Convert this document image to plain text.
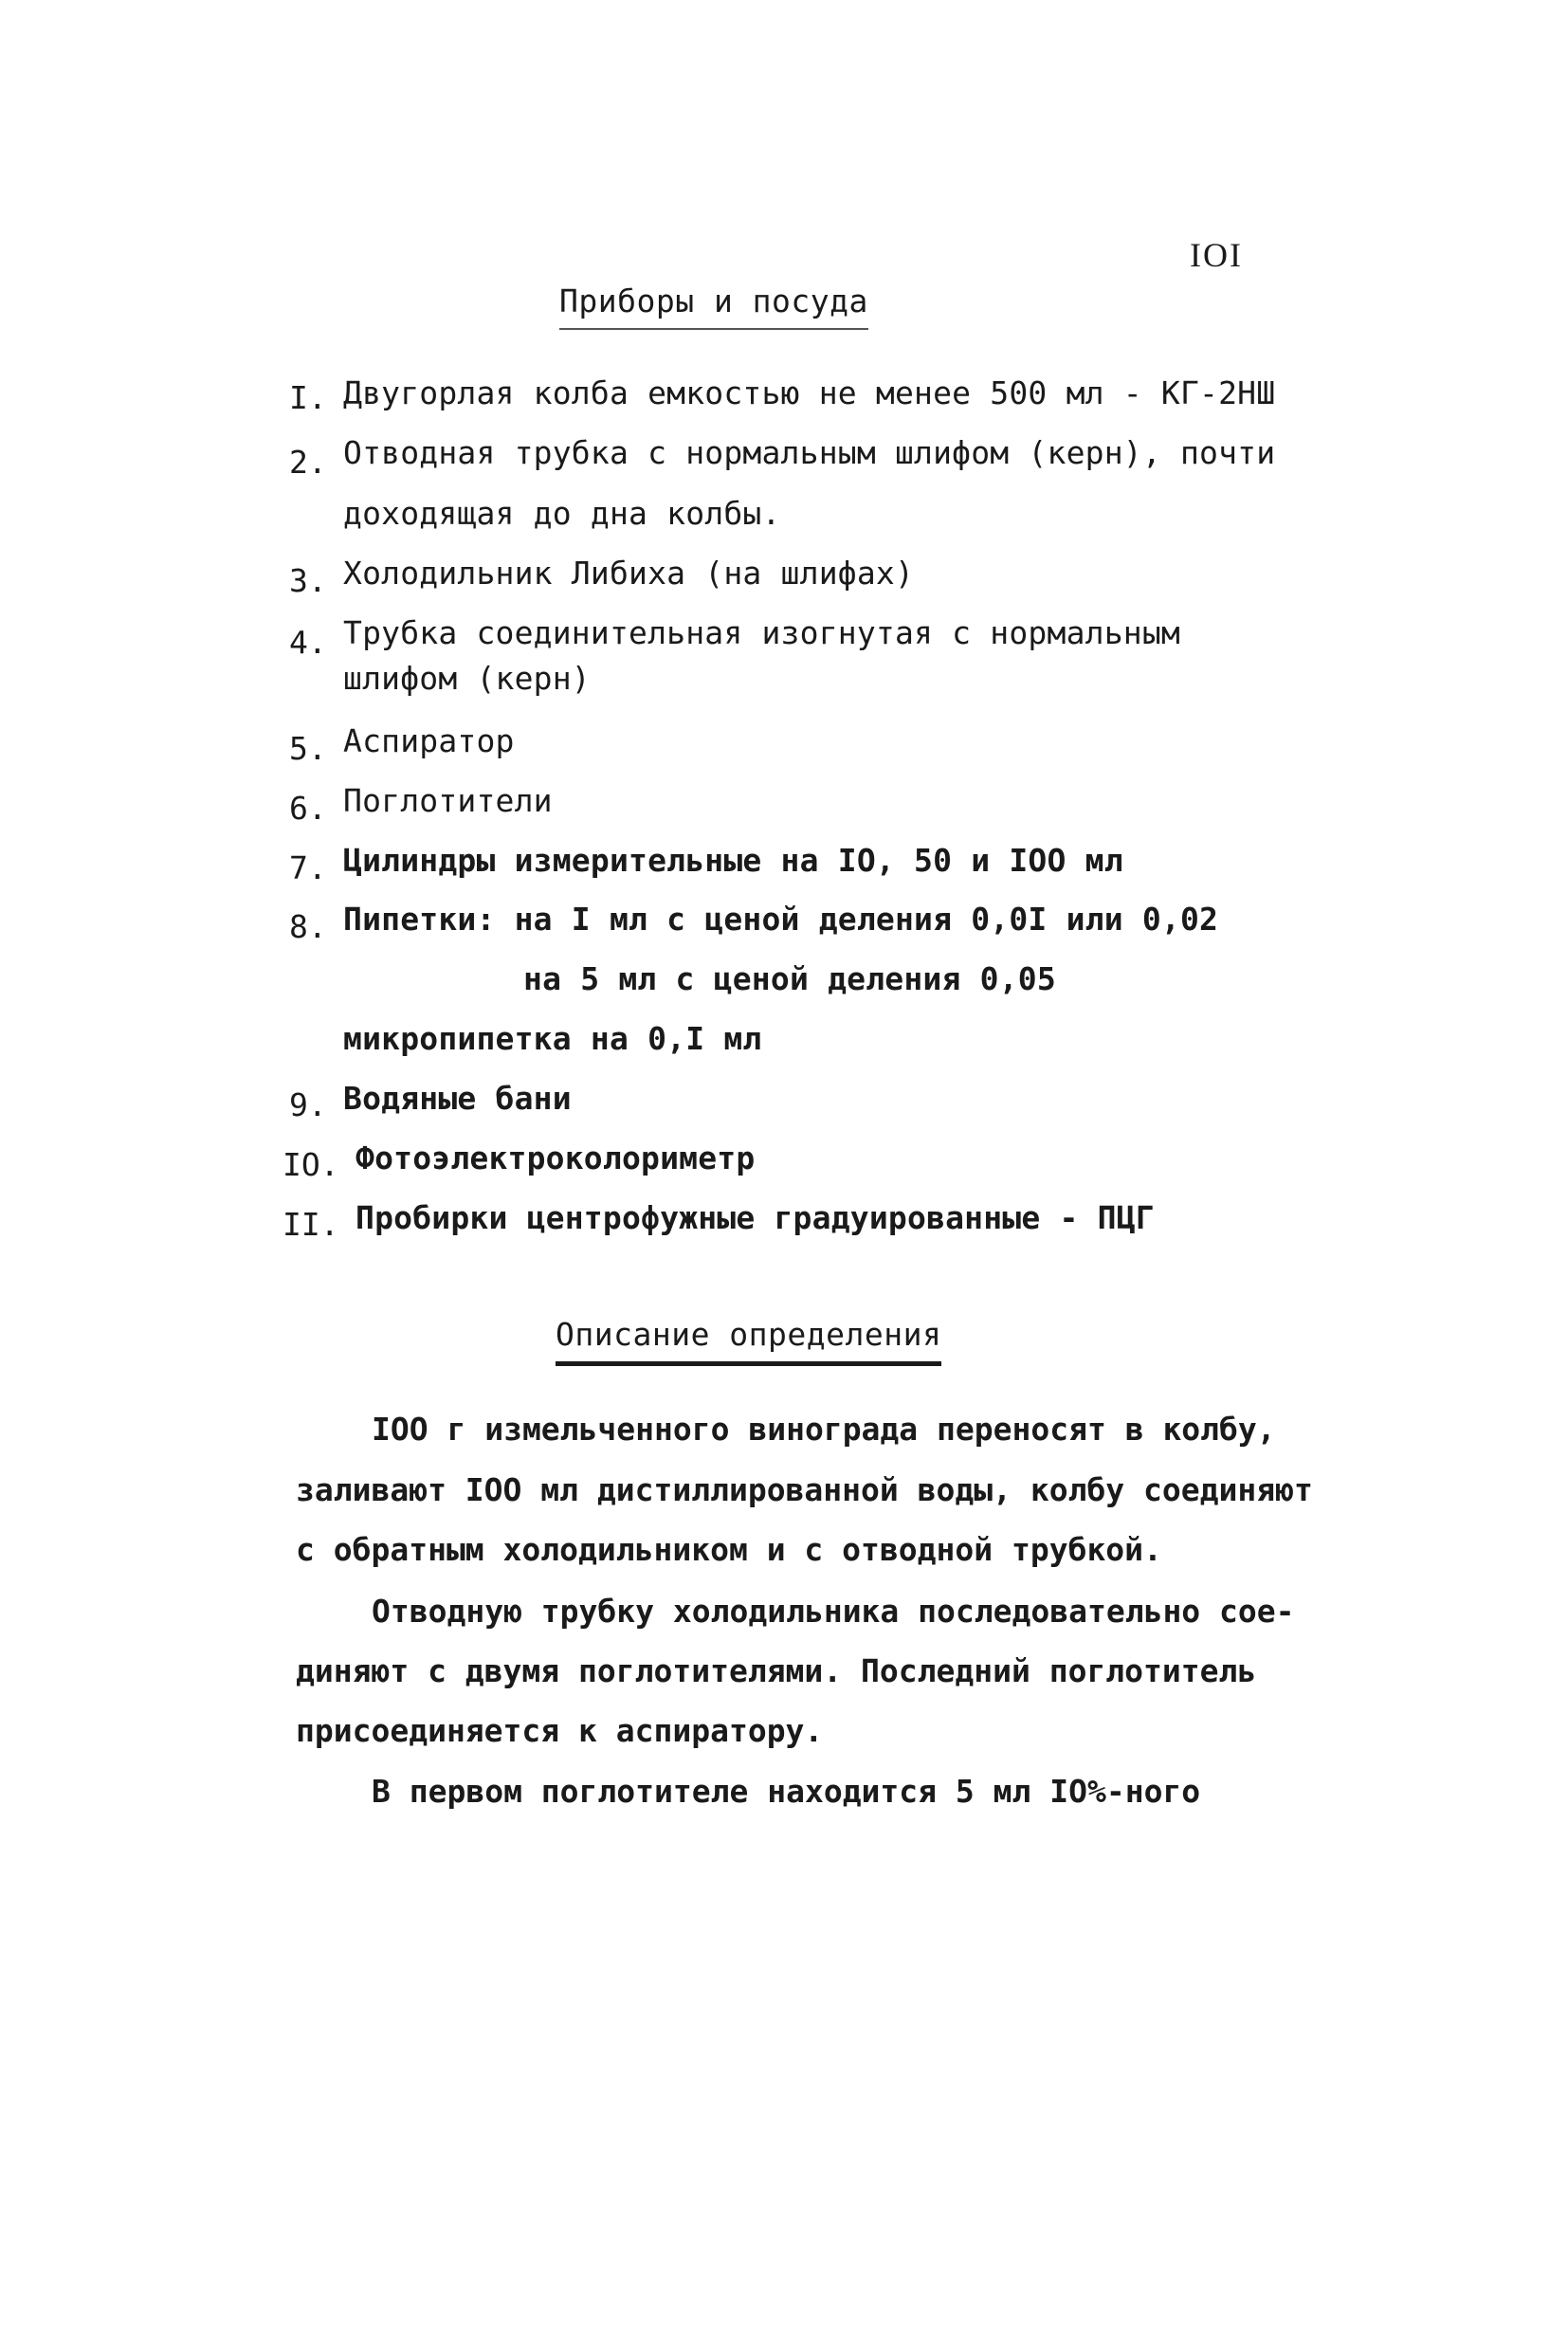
IOI
Приборы и посуда
I. Двугорлая колба емкостью не менее 500 мл - КГ-2НШ
2. Отводная трубка с нормальным шлифом (керн), почти
доходящая до дна колбы.
3. Холодильник Либиха (на шлифах)
4. Трубка соединительная изогнутая с нормальным
шлифом (керн)
5. Аспиратор
6. Поглотители
7. Цилиндры измерительные на IO, 50 и IOO мл
8. Пипетки: на I мл с ценой деления 0,0I или 0,02
на 5 мл с ценой деления 0,05
микропипетка на 0,I мл
9. Водяные бани
IO. Фотоэлектроколориметр
II. Пробирки центрофужные градуированные - ПЦГ
Описание определения
IOO г измельченного винограда переносят в колбу,
заливают IOO мл дистиллированной воды, колбу соединяют
с обратным холодильником и с отводной трубкой.
Отводную трубку холодильника последовательно сое-
диняют с двумя поглотителями. Последний поглотитель
присоединяется к аспиратору.
В первом поглотителе находится 5 мл IO%-ного
